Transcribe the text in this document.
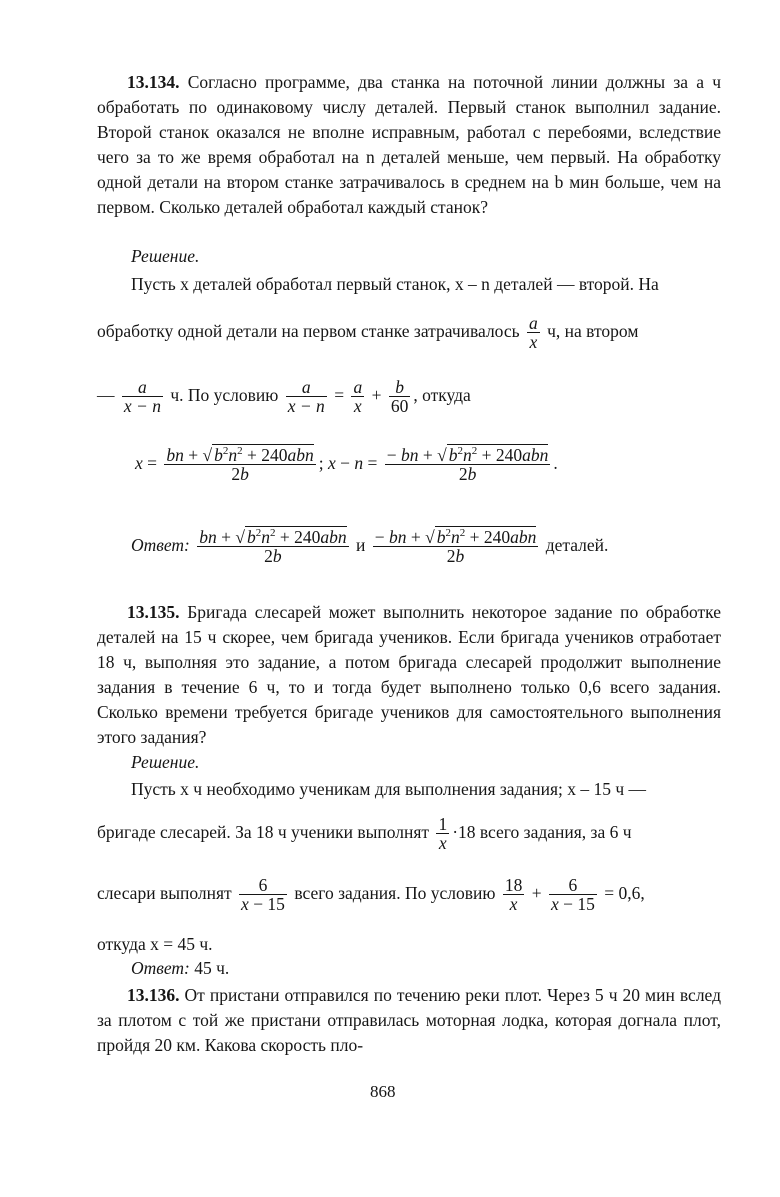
13.134. Согласно программе, два станка на поточной линии должны за a ч обработать по одинаковому числу деталей. Первый станок выполнил задание. Второй станок оказался не вполне исправным, работал с перебоями, вследствие чего за то же время обработал на n деталей меньше, чем первый. На обработку одной детали на втором станке затрачивалось в среднем на b мин больше, чем на первом. Сколько деталей обработал каждый станок?

Решение.
Пусть x деталей обработал первый станок, x – n деталей — второй. На
обработку одной детали на первом станке затрачивалось $\frac{a}{x} ч$, на втором
— $\frac{a}{x - n} ч$. По условию $\frac{a}{x - n} = \frac{a}{x} + \frac{b}{60}$ , откуда
$x = \frac{bn + √ b^2n^2 + 240abn}{2b}$ ; $x - n = \frac{- bn + √ b^2n^2 + 240abn}{2b}$ .
Ответ: $\frac{bn + √ b^2n^2 + 240abn}{2b}$ и $\frac{- bn + √ b^2n^2 + 240abn}{2b}$ деталей.

13.135. Бригада слесарей может выполнить некоторое задание по обработке деталей на 15 ч скорее, чем бригада учеников. Если бригада учеников отработает 18 ч, выполняя это задание, а потом бригада слесарей продолжит выполнение задания в течение 6 ч, то и тогда будет выполнено только 0,6 всего задания. Сколько времени требуется бригаде учеников для самостоятельного выполнения этого задания?

Решение.
Пусть x ч необходимо ученикам для выполнения задания; x – 15 ч —
бригаде слесарей. За 18 ч ученики выполнят $\frac{1}{x} \cdot 18$ всего задания, за 6 ч
слесари выполнят $\frac{6}{x - 15}$ всего задания. По условию $\frac{18}{x} + \frac{6}{x - 15} = 0,6$,
откуда x = 45 ч.
Ответ: 45 ч.

13.136. От пристани отправился по течению реки плот. Через 5 ч 20 мин вслед за плотом с той же пристани отправилась моторная лодка, которая догнала плот, пройдя 20 км. Какова скорость пло-

868
